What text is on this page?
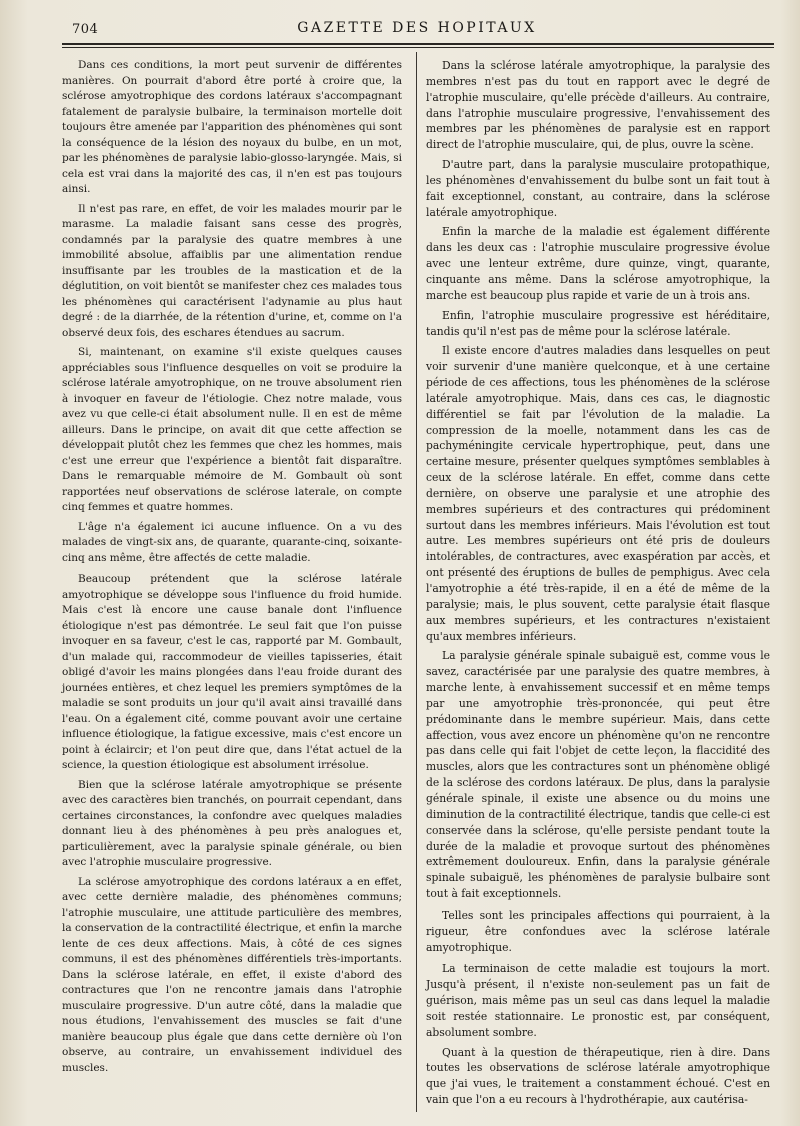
704	GAZETTE DES HOPITAUX

Dans ces conditions, la mort peut survenir de différentes manières. On pourrait d'abord être porté à croire que, la sclérose amyotrophique des cordons latéraux s'accompagnant fatalement de paralysie bulbaire, la terminaison mortelle doit toujours être amenée par l'apparition des phénomènes qui sont la conséquence de la lésion des noyaux du bulbe, en un mot, par les phénomènes de paralysie labio-glosso-laryngée. Mais, si cela est vrai dans la majorité des cas, il n'en est pas toujours ainsi.

Il n'est pas rare, en effet, de voir les malades mourir par le marasme. La maladie faisant sans cesse des progrès, condamnés par la paralysie des quatre membres à une immobilité absolue, affaiblis par une alimentation rendue insuffisante par les troubles de la mastication et de la déglutition, on voit bientôt se manifester chez ces malades tous les phénomènes qui caractérisent l'adynamie au plus haut degré : de la diarrhée, de la rétention d'urine, et, comme on l'a observé deux fois, des eschares étendues au sacrum.

Si, maintenant, on examine s'il existe quelques causes appréciables sous l'influence desquelles on voit se produire la sclérose latérale amyotrophique, on ne trouve absolument rien à invoquer en faveur de l'étiologie. Chez notre malade, vous avez vu que celle-ci était absolument nulle. Il en est de même ailleurs. Dans le principe, on avait dit que cette affection se développait plutôt chez les femmes que chez les hommes, mais c'est une erreur que l'expérience a bientôt fait disparaître. Dans le remarquable mémoire de M. Gombault où sont rapportées neuf observations de sclérose laterale, on compte cinq femmes et quatre hommes.

L'âge n'a également ici aucune influence. On a vu des malades de vingt-six ans, de quarante, quarante-cinq, soixante-cinq ans même, être affectés de cette maladie.

Beaucoup prétendent que la sclérose latérale amyotrophique se développe sous l'influence du froid humide. Mais c'est là encore une cause banale dont l'influence étiologique n'est pas démontrée. Le seul fait que l'on puisse invoquer en sa faveur, c'est le cas, rapporté par M. Gombault, d'un malade qui, raccommodeur de vieilles tapisseries, était obligé d'avoir les mains plongées dans l'eau froide durant des journées entières, et chez lequel les premiers symptômes de la maladie se sont produits un jour qu'il avait ainsi travaillé dans l'eau. On a également cité, comme pouvant avoir une certaine influence étiologique, la fatigue excessive, mais c'est encore un point à éclaircir; et l'on peut dire que, dans l'état actuel de la science, la question étiologique est absolument irrésolue.

Bien que la sclérose latérale amyotrophique se présente avec des caractères bien tranchés, on pourrait cependant, dans certaines circonstances, la confondre avec quelques maladies donnant lieu à des phénomènes à peu près analogues et, particulièrement, avec la paralysie spinale générale, ou bien avec l'atrophie musculaire progressive.

La sclérose amyotrophique des cordons latéraux a en effet, avec cette dernière maladie, des phénomènes communs; l'atrophie musculaire, une attitude particulière des membres, la conservation de la contractilité électrique, et enfin la marche lente de ces deux affections. Mais, à côté de ces signes communs, il est des phénomènes différentiels très-importants. Dans la sclérose latérale, en effet, il existe d'abord des contractures que l'on ne rencontre jamais dans l'atrophie musculaire progressive. D'un autre côté, dans la maladie que nous étudions, l'envahissement des muscles se fait d'une manière beaucoup plus égale que dans cette dernière où l'on observe, au contraire, un envahissement individuel des muscles.

Dans la sclérose latérale amyotrophique, la paralysie des membres n'est pas du tout en rapport avec le degré de l'atrophie musculaire, qu'elle précède d'ailleurs. Au contraire, dans l'atrophie musculaire progressive, l'envahissement des membres par les phénomènes de paralysie est en rapport direct de l'atrophie musculaire, qui, de plus, ouvre la scène.

D'autre part, dans la paralysie musculaire protopathique, les phénomènes d'envahissement du bulbe sont un fait tout à fait exceptionnel, constant, au contraire, dans la sclérose latérale amyotrophique.

Enfin la marche de la maladie est également différente dans les deux cas : l'atrophie musculaire progressive évolue avec une lenteur extrême, dure quinze, vingt, quarante, cinquante ans même. Dans la sclérose amyotrophique, la marche est beaucoup plus rapide et varie de un à trois ans.

Enfin, l'atrophie musculaire progressive est héréditaire, tandis qu'il n'est pas de même pour la sclérose latérale.

Il existe encore d'autres maladies dans lesquelles on peut voir survenir d'une manière quelconque, et à une certaine période de ces affections, tous les phénomènes de la sclérose latérale amyotrophique. Mais, dans ces cas, le diagnostic différentiel se fait par l'évolution de la maladie. La compression de la moelle, notamment dans les cas de pachyméningite cervicale hypertrophique, peut, dans une certaine mesure, présenter quelques symptômes semblables à ceux de la sclérose latérale. En effet, comme dans cette dernière, on observe une paralysie et une atrophie des membres supérieurs et des contractures qui prédominent surtout dans les membres inférieurs. Mais l'évolution est tout autre. Les membres supérieurs ont été pris de douleurs intolérables, de contractures, avec exaspération par accès, et ont présenté des éruptions de bulles de pemphigus. Avec cela l'amyotrophie a été très-rapide, il en a été de même de la paralysie; mais, le plus souvent, cette paralysie était flasque aux membres supérieurs, et les contractures n'existaient qu'aux membres inférieurs.

La paralysie générale spinale subaiguë est, comme vous le savez, caractérisée par une paralysie des quatre membres, à marche lente, à envahissement successif et en même temps par une amyotrophie très-prononcée, qui peut être prédominante dans le membre supérieur. Mais, dans cette affection, vous avez encore un phénomène qu'on ne rencontre pas dans celle qui fait l'objet de cette leçon, la flaccidité des muscles, alors que les contractures sont un phénomène obligé de la sclérose des cordons latéraux. De plus, dans la paralysie générale spinale, il existe une absence ou du moins une diminution de la contractilité électrique, tandis que celle-ci est conservée dans la sclérose, qu'elle persiste pendant toute la durée de la maladie et provoque surtout des phénomènes extrêmement douloureux. Enfin, dans la paralysie générale spinale subaiguë, les phénomènes de paralysie bulbaire sont tout à fait exceptionnels.

Telles sont les principales affections qui pourraient, à la rigueur, être confondues avec la sclérose latérale amyotrophique.

La terminaison de cette maladie est toujours la mort. Jusqu'à présent, il n'existe non-seulement pas un fait de guérison, mais même pas un seul cas dans lequel la maladie soit restée stationnaire. Le pronostic est, par conséquent, absolument sombre.

Quant à la question de thérapeutique, rien à dire. Dans toutes les observations de sclérose latérale amyotrophique que j'ai vues, le traitement a constamment échoué. C'est en vain que l'on a eu recours à l'hydrothérapie, aux cautérisa-
